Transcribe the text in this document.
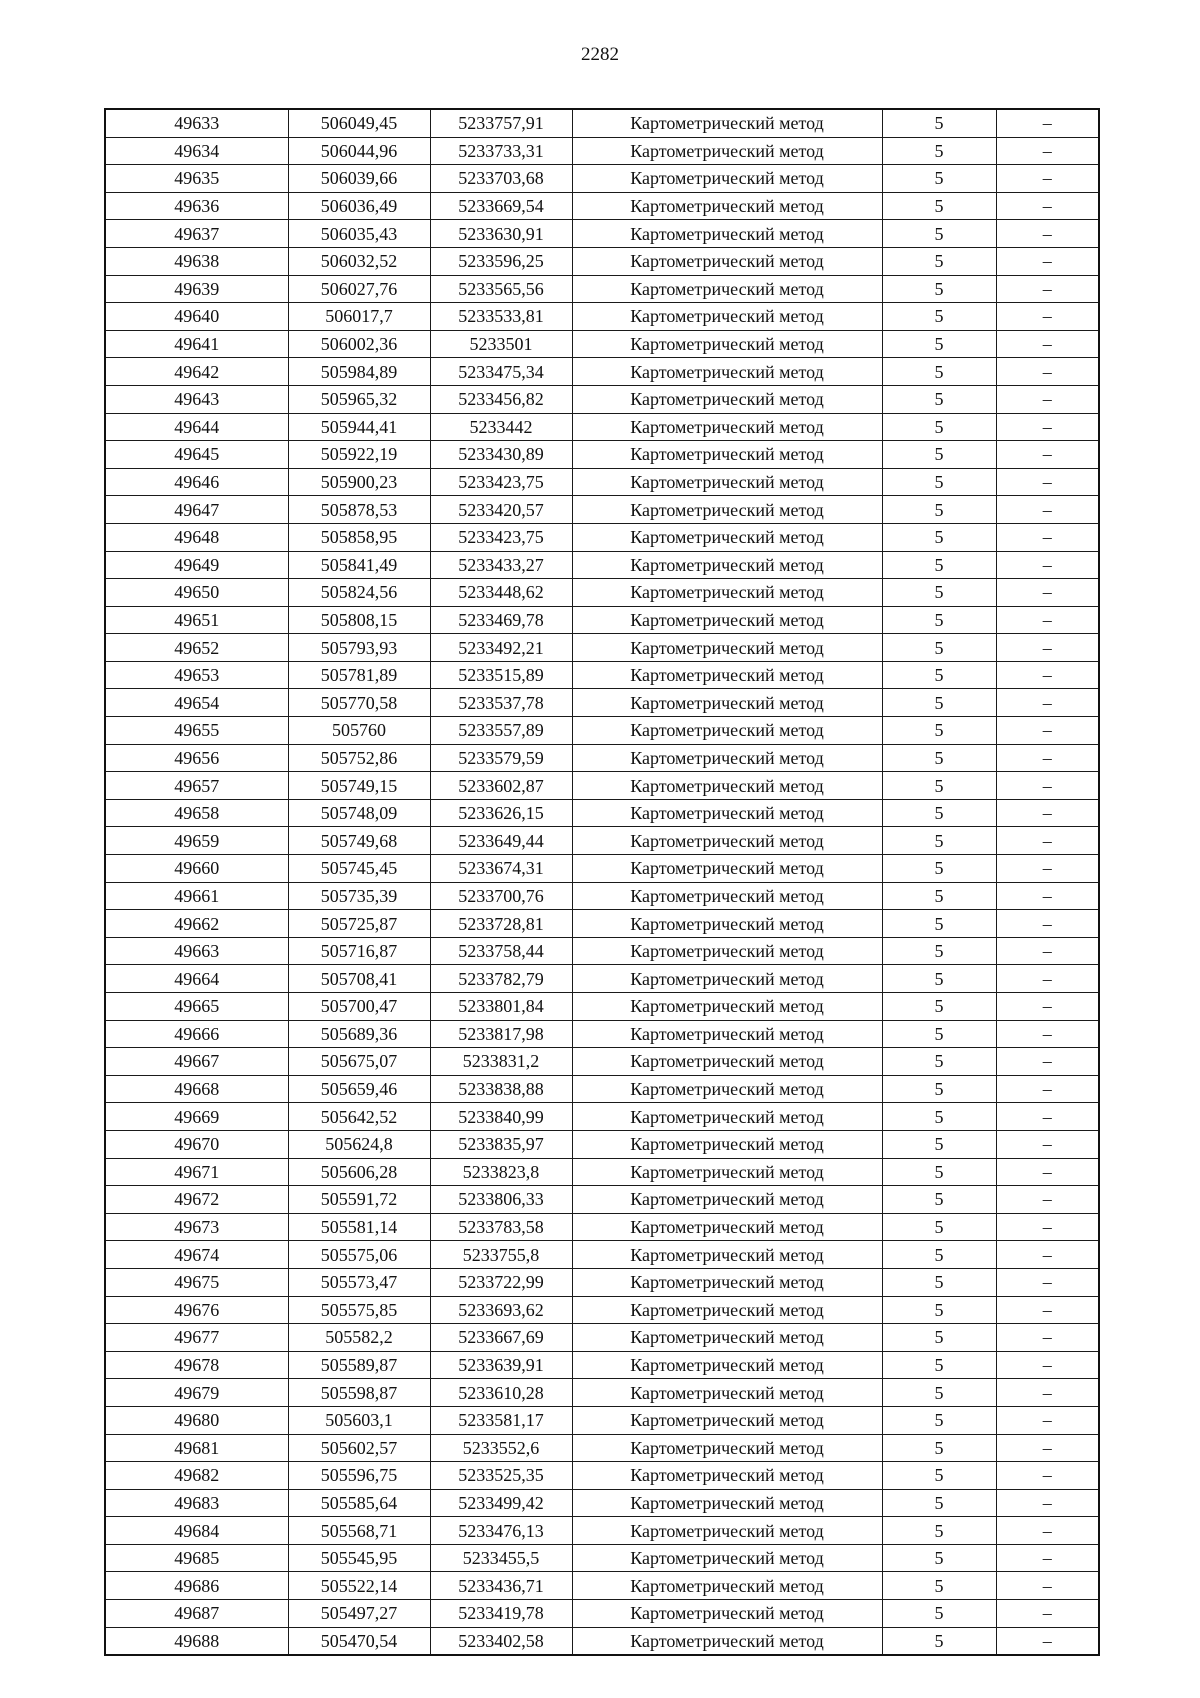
2282
49633	506049,45	5233757,91	Картометрический метод	5	–
49634	506044,96	5233733,31	Картометрический метод	5	–
49635	506039,66	5233703,68	Картометрический метод	5	–
49636	506036,49	5233669,54	Картометрический метод	5	–
49637	506035,43	5233630,91	Картометрический метод	5	–
49638	506032,52	5233596,25	Картометрический метод	5	–
49639	506027,76	5233565,56	Картометрический метод	5	–
49640	506017,7	5233533,81	Картометрический метод	5	–
49641	506002,36	5233501	Картометрический метод	5	–
49642	505984,89	5233475,34	Картометрический метод	5	–
49643	505965,32	5233456,82	Картометрический метод	5	–
49644	505944,41	5233442	Картометрический метод	5	–
49645	505922,19	5233430,89	Картометрический метод	5	–
49646	505900,23	5233423,75	Картометрический метод	5	–
49647	505878,53	5233420,57	Картометрический метод	5	–
49648	505858,95	5233423,75	Картометрический метод	5	–
49649	505841,49	5233433,27	Картометрический метод	5	–
49650	505824,56	5233448,62	Картометрический метод	5	–
49651	505808,15	5233469,78	Картометрический метод	5	–
49652	505793,93	5233492,21	Картометрический метод	5	–
49653	505781,89	5233515,89	Картометрический метод	5	–
49654	505770,58	5233537,78	Картометрический метод	5	–
49655	505760	5233557,89	Картометрический метод	5	–
49656	505752,86	5233579,59	Картометрический метод	5	–
49657	505749,15	5233602,87	Картометрический метод	5	–
49658	505748,09	5233626,15	Картометрический метод	5	–
49659	505749,68	5233649,44	Картометрический метод	5	–
49660	505745,45	5233674,31	Картометрический метод	5	–
49661	505735,39	5233700,76	Картометрический метод	5	–
49662	505725,87	5233728,81	Картометрический метод	5	–
49663	505716,87	5233758,44	Картометрический метод	5	–
49664	505708,41	5233782,79	Картометрический метод	5	–
49665	505700,47	5233801,84	Картометрический метод	5	–
49666	505689,36	5233817,98	Картометрический метод	5	–
49667	505675,07	5233831,2	Картометрический метод	5	–
49668	505659,46	5233838,88	Картометрический метод	5	–
49669	505642,52	5233840,99	Картометрический метод	5	–
49670	505624,8	5233835,97	Картометрический метод	5	–
49671	505606,28	5233823,8	Картометрический метод	5	–
49672	505591,72	5233806,33	Картометрический метод	5	–
49673	505581,14	5233783,58	Картометрический метод	5	–
49674	505575,06	5233755,8	Картометрический метод	5	–
49675	505573,47	5233722,99	Картометрический метод	5	–
49676	505575,85	5233693,62	Картометрический метод	5	–
49677	505582,2	5233667,69	Картометрический метод	5	–
49678	505589,87	5233639,91	Картометрический метод	5	–
49679	505598,87	5233610,28	Картометрический метод	5	–
49680	505603,1	5233581,17	Картометрический метод	5	–
49681	505602,57	5233552,6	Картометрический метод	5	–
49682	505596,75	5233525,35	Картометрический метод	5	–
49683	505585,64	5233499,42	Картометрический метод	5	–
49684	505568,71	5233476,13	Картометрический метод	5	–
49685	505545,95	5233455,5	Картометрический метод	5	–
49686	505522,14	5233436,71	Картометрический метод	5	–
49687	505497,27	5233419,78	Картометрический метод	5	–
49688	505470,54	5233402,58	Картометрический метод	5	–
